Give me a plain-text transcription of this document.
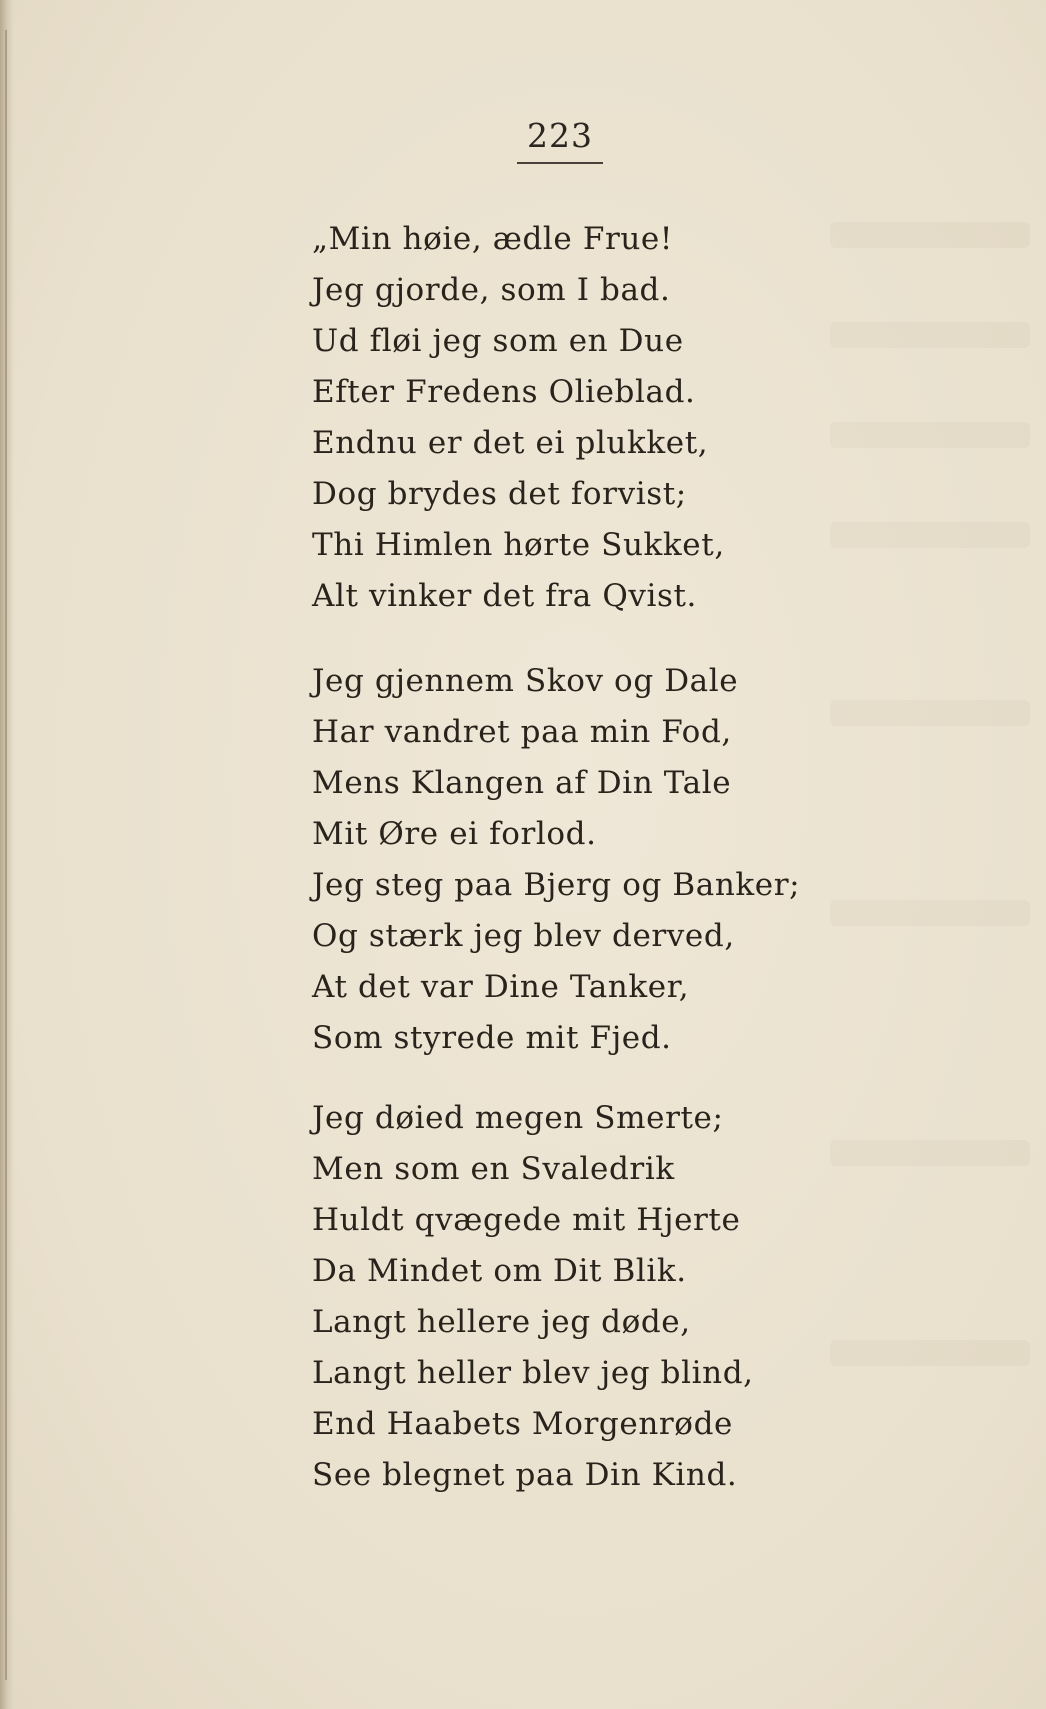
223
„Min høie, ædle Frue!
Jeg gjorde, som I bad.
Ud fløi jeg som en Due
Efter Fredens Olieblad.
Endnu er det ei plukket,
Dog brydes det forvist;
Thi Himlen hørte Sukket,
Alt vinker det fra Qvist.
Jeg gjennem Skov og Dale
Har vandret paa min Fod,
Mens Klangen af Din Tale
Mit Øre ei forlod.
Jeg steg paa Bjerg og Banker;
Og stærk jeg blev derved,
At det var Dine Tanker,
Som styrede mit Fjed.
Jeg døied megen Smerte;
Men som en Svaledrik
Huldt qvægede mit Hjerte
Da Mindet om Dit Blik.
Langt hellere jeg døde,
Langt heller blev jeg blind,
End Haabets Morgenrøde
See blegnet paa Din Kind.
